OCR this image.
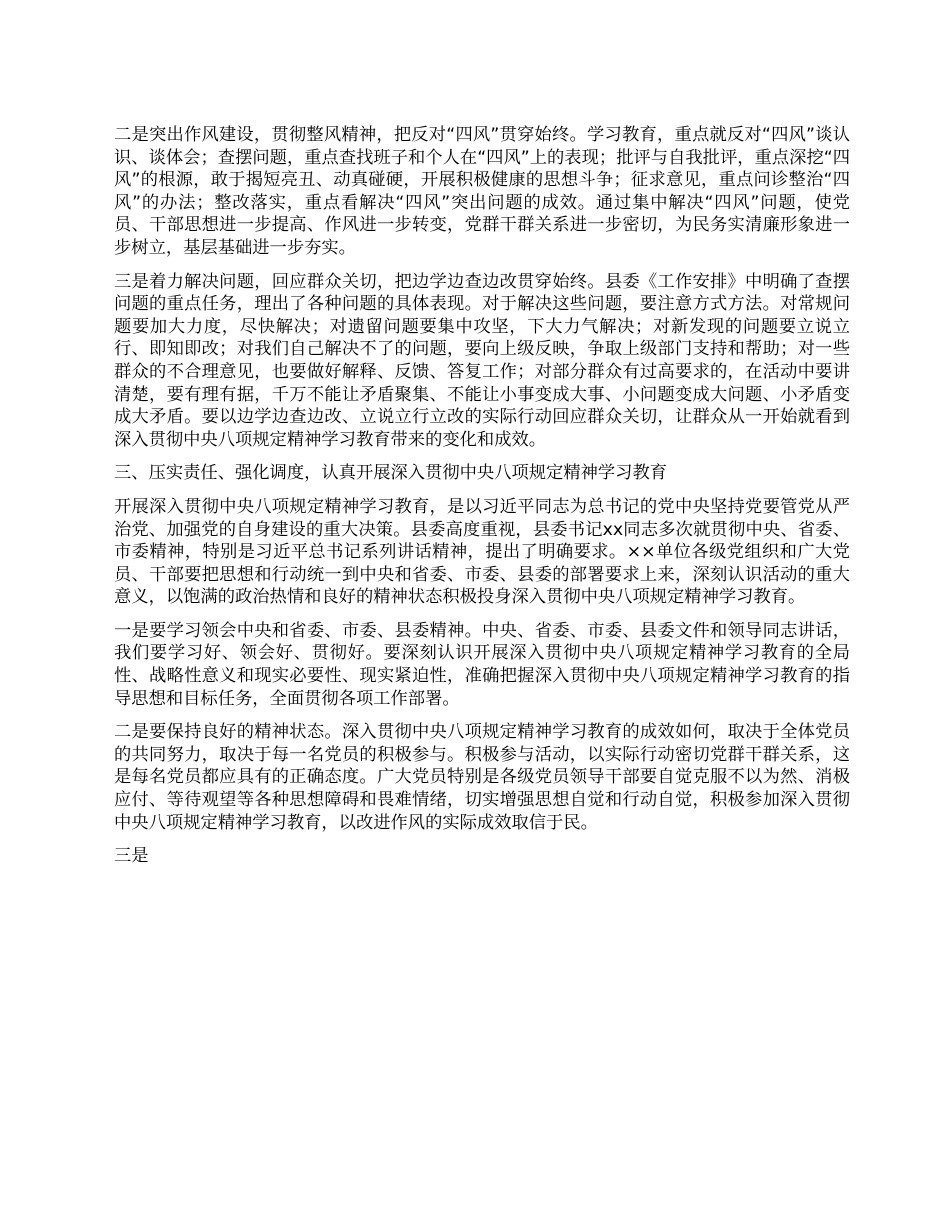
二是突出作风建设，贯彻整风精神，把反对“四风”贯穿始终。学习教育，重点就反对“四风”谈认识、谈体会；查摆问题，重点查找班子和个人在“四风”上的表现；批评与自我批评，重点深挖“四风”的根源，敢于揭短亮丑、动真碰硬，开展积极健康的思想斗争；征求意见，重点问诊整治“四风”的办法；整改落实，重点看解决“四风”突出问题的成效。通过集中解决“四风”问题，使党员、干部思想进一步提高、作风进一步转变，党群干群关系进一步密切，为民务实清廉形象进一步树立，基层基础进一步夯实。

三是着力解决问题，回应群众关切，把边学边查边改贯穿始终。县委《工作安排》中明确了查摆问题的重点任务，理出了各种问题的具体表现。对于解决这些问题，要注意方式方法。对常规问题要加大力度，尽快解决；对遗留问题要集中攻坚，下大力气解决；对新发现的问题要立说立行、即知即改；对我们自己解决不了的问题，要向上级反映，争取上级部门支持和帮助；对一些群众的不合理意见，也要做好解释、反馈、答复工作；对部分群众有过高要求的，在活动中要讲清楚，要有理有据，千万不能让矛盾聚集、不能让小事变成大事、小问题变成大问题、小矛盾变成大矛盾。要以边学边查边改、立说立行立改的实际行动回应群众关切，让群众从一开始就看到深入贯彻中央八项规定精神学习教育带来的变化和成效。

三、压实责任、强化调度，认真开展深入贯彻中央八项规定精神学习教育

开展深入贯彻中央八项规定精神学习教育，是以习近平同志为总书记的党中央坚持党要管党从严治党、加强党的自身建设的重大决策。县委高度重视，县委书记xx同志多次就贯彻中央、省委、市委精神，特别是习近平总书记系列讲话精神，提出了明确要求。××单位各级党组织和广大党员、干部要把思想和行动统一到中央和省委、市委、县委的部署要求上来，深刻认识活动的重大意义，以饱满的政治热情和良好的精神状态积极投身深入贯彻中央八项规定精神学习教育。

一是要学习领会中央和省委、市委、县委精神。中央、省委、市委、县委文件和领导同志讲话，我们要学习好、领会好、贯彻好。要深刻认识开展深入贯彻中央八项规定精神学习教育的全局性、战略性意义和现实必要性、现实紧迫性，准确把握深入贯彻中央八项规定精神学习教育的指导思想和目标任务，全面贯彻各项工作部署。

二是要保持良好的精神状态。深入贯彻中央八项规定精神学习教育的成效如何，取决于全体党员的共同努力，取决于每一名党员的积极参与。积极参与活动，以实际行动密切党群干群关系，这是每名党员都应具有的正确态度。广大党员特别是各级党员领导干部要自觉克服不以为然、消极应付、等待观望等各种思想障碍和畏难情绪，切实增强思想自觉和行动自觉，积极参加深入贯彻中央八项规定精神学习教育，以改进作风的实际成效取信于民。

三是
